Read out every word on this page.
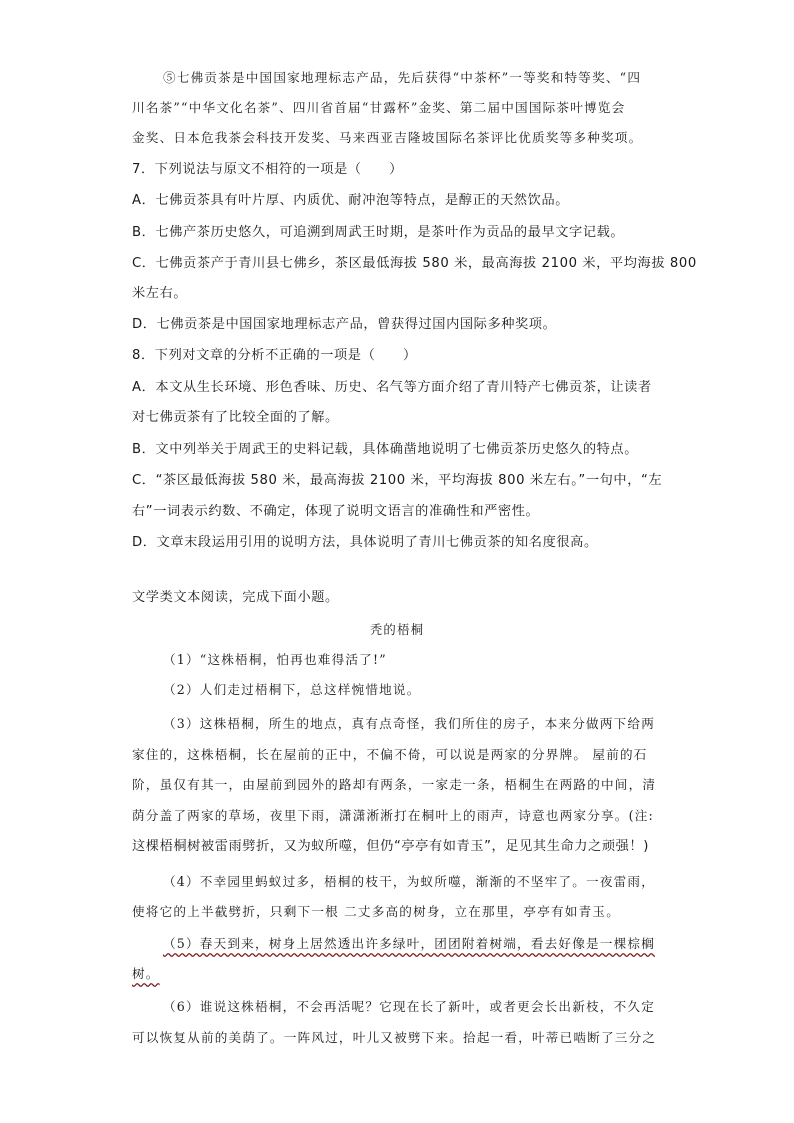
⑤七佛贡茶是中国国家地理标志产品，先后获得“中茶杯”一等奖和特等奖、“四
川名茶”“中华文化名茶”、四川省首届“甘露杯”金奖、第二届中国国际茶叶博览会
金奖、日本危我茶会科技开发奖、马来西亚吉隆坡国际名茶评比优质奖等多种奖项。
7．下列说法与原文不相符的一项是（　　）
A．七佛贡茶具有叶片厚、内质优、耐冲泡等特点，是醇正的天然饮品。
B．七佛产茶历史悠久，可追溯到周武王时期，是茶叶作为贡品的最早文字记载。
C．七佛贡茶产于青川县七佛乡，茶区最低海拔 580 米，最高海拔 2100 米，平均海拔 800
米左右。
D．七佛贡茶是中国国家地理标志产品，曾获得过国内国际多种奖项。
8．下列对文章的分析不正确的一项是（　　）
A．本文从生长环境、形色香味、历史、名气等方面介绍了青川特产七佛贡茶，让读者
对七佛贡茶有了比较全面的了解。
B．文中列举关于周武王的史料记载，具体确凿地说明了七佛贡茶历史悠久的特点。
C．“茶区最低海拔 580 米，最高海拔 2100 米，平均海拔 800 米左右。”一句中，“左
右”一词表示约数、不确定，体现了说明文语言的准确性和严密性。
D．文章末段运用引用的说明方法，具体说明了青川七佛贡茶的知名度很高。
文学类文本阅读，完成下面小题。
秃的梧桐
（1）“这株梧桐，怕再也难得活了!”
（2）人们走过梧桐下，总这样惋惜地说。
（3）这株梧桐，所生的地点，真有点奇怪，我们所住的房子，本来分做两下给两
家住的，这株梧桐，长在屋前的正中，不偏不倚，可以说是两家的分界牌。 屋前的石
阶，虽仅有其一，由屋前到园外的路却有两条，一家走一条，梧桐生在两路的中间，清
荫分盖了两家的草场，夜里下雨，潇潇淅淅打在桐叶上的雨声，诗意也两家分享。(注:
这棵梧桐树被雷雨劈折，又为蚁所噬，但仍“亭亭有如青玉”，足见其生命力之顽强！)
（4）不幸园里蚂蚁过多，梧桐的枝干，为蚁所噬，渐渐的不坚牢了。一夜雷雨，
使将它的上半截劈折，只剩下一根 二丈多高的树身，立在那里，亭亭有如青玉。
（5）春天到来，树身上居然透出许多绿叶，团团附着树端，看去好像是一棵棕榈
树。
（6）谁说这株梧桐，不会再活呢？它现在长了新叶，或者更会长出新枝，不久定
可以恢复从前的美荫了。一阵风过，叶儿又被劈下来。拾起一看，叶蒂已啮断了三分之
